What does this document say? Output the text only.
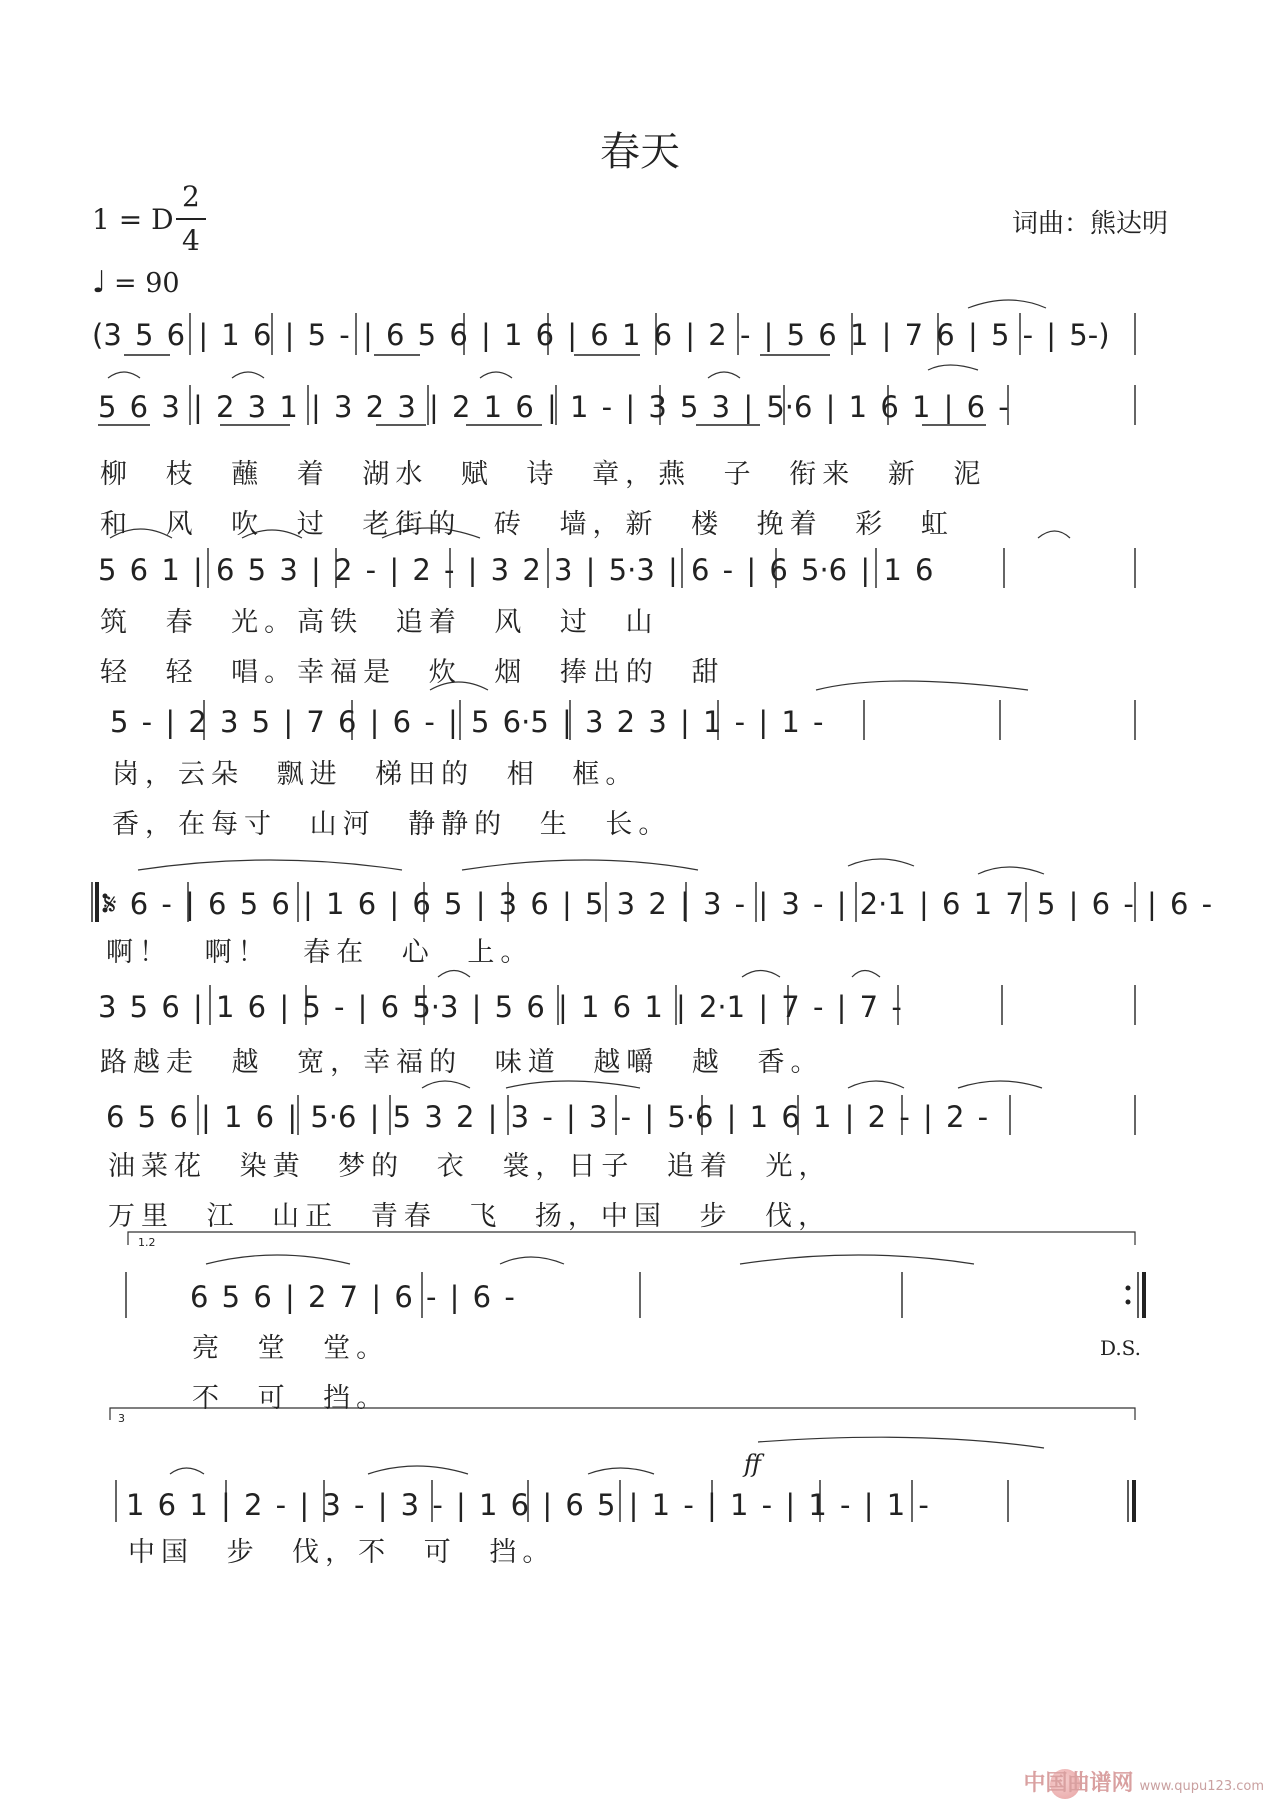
春天
1 = D
2
4	词曲：熊达明
♩ = 90
(3 5 6 | 1 6 | 5 - | 6 5 6 | 1 6 | 6 1 6 | 2 - | 5 6 1 | 7 6 | 5 - | 5-)
5 6 3 | 2 3 1 | 3 2 3 | 2 1 6 | 1 - | 3 5 3 | 5·6 | 1 6 1 | 6 -
柳 枝 蘸 着 湖水 赋 诗 章，燕 子 衔来 新 泥
和 风 吹 过 老街的 砖 墙，新 楼 挽着 彩 虹
5 6 1 | 6 5 3 | 2 - | 2 - | 3 2 3 | 5·3 | 6 - | 6 5·6 | 1 6
筑 春 光。高铁 追着 风 过 山
轻 轻 唱。幸福是 炊 烟 捧出的 甜
5 - | 2 3 5 | 7 6 | 6 - | 5 6·5 | 3 2 3 | 1 - | 1 -
岗，云朵 飘进 梯田的 相 框。
香，在每寸 山河 静静的 生 长。
𝄋 6 - | 6 5 6 | 1 6 | 6 5 | 3 6 | 5 3 2 | 3 - | 3 - | 2·1 | 6 1 7 5 | 6 - | 6 -
啊！ 啊！ 春在 心 上。
3 5 6 | 1 6 | 5 - | 6 5·3 | 5 6 | 1 6 1 | 2·1 | 7 - | 7 -
路越走 越 宽，幸福的 味道 越嚼 越 香。
6 5 6 | 1 6 | 5·6 | 5 3 2 | 3 - | 3 - | 5·6 | 1 6 1 | 2 - | 2 -
油菜花 染黄 梦的 衣 裳，日子 追着 光，
万里 江 山正 青春 飞 扬，中国 步 伐，
6 5 6 | 2 7 | 6 - | 6 -
亮 堂 堂。
不 可 挡。
1 6 1 | 2 - | 3 - | 3 - | 1 6 | 6 5 | 1 - | 1 - | 1 - | 1 -
中国 步 伐，不 可 挡。
D.S.
1.2
3
ff
中国曲谱网 www.qupu123.com
